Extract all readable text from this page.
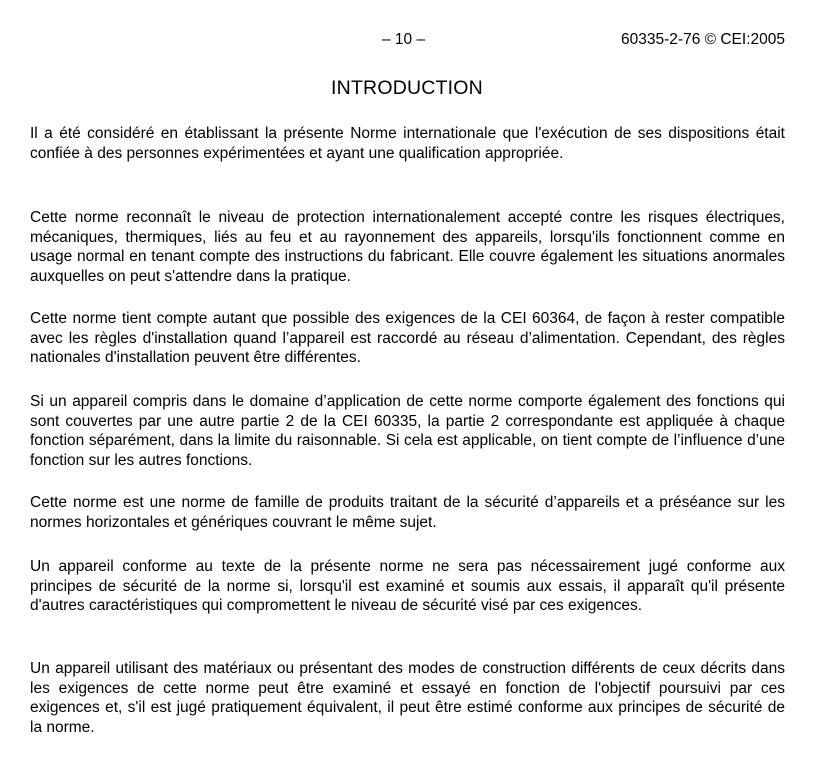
– 10 –	60335-2-76 © CEI:2005
INTRODUCTION

Il a été considéré en établissant la présente Norme internationale que l'exécution de ses dispositions était confiée à des personnes expérimentées et ayant une qualification appropriée.

Cette norme reconnaît le niveau de protection internationalement accepté contre les risques électriques, mécaniques, thermiques, liés au feu et au rayonnement des appareils, lorsqu'ils fonctionnent comme en usage normal en tenant compte des instructions du fabricant. Elle couvre également les situations anormales auxquelles on peut s'attendre dans la pratique.

Cette norme tient compte autant que possible des exigences de la CEI 60364, de façon à rester compatible avec les règles d'installation quand l’appareil est raccordé au réseau d’alimentation. Cependant, des règles nationales d'installation peuvent être différentes.

Si un appareil compris dans le domaine d’application de cette norme comporte également des fonctions qui sont couvertes par une autre partie 2 de la CEI 60335, la partie 2 correspondante est appliquée à chaque fonction séparément, dans la limite du raisonnable. Si cela est applicable, on tient compte de l’influence d’une fonction sur les autres fonctions.

Cette norme est une norme de famille de produits traitant de la sécurité d’appareils et a préséance sur les normes horizontales et génériques couvrant le même sujet.

Un appareil conforme au texte de la présente norme ne sera pas nécessairement jugé conforme aux principes de sécurité de la norme si, lorsqu'il est examiné et soumis aux essais, il apparaît qu'il présente d'autres caractéristiques qui compromettent le niveau de sécurité visé par ces exigences.

Un appareil utilisant des matériaux ou présentant des modes de construction différents de ceux décrits dans les exigences de cette norme peut être examiné et essayé en fonction de l'objectif poursuivi par ces exigences et, s'il est jugé pratiquement équivalent, il peut être estimé conforme aux principes de sécurité de la norme.
